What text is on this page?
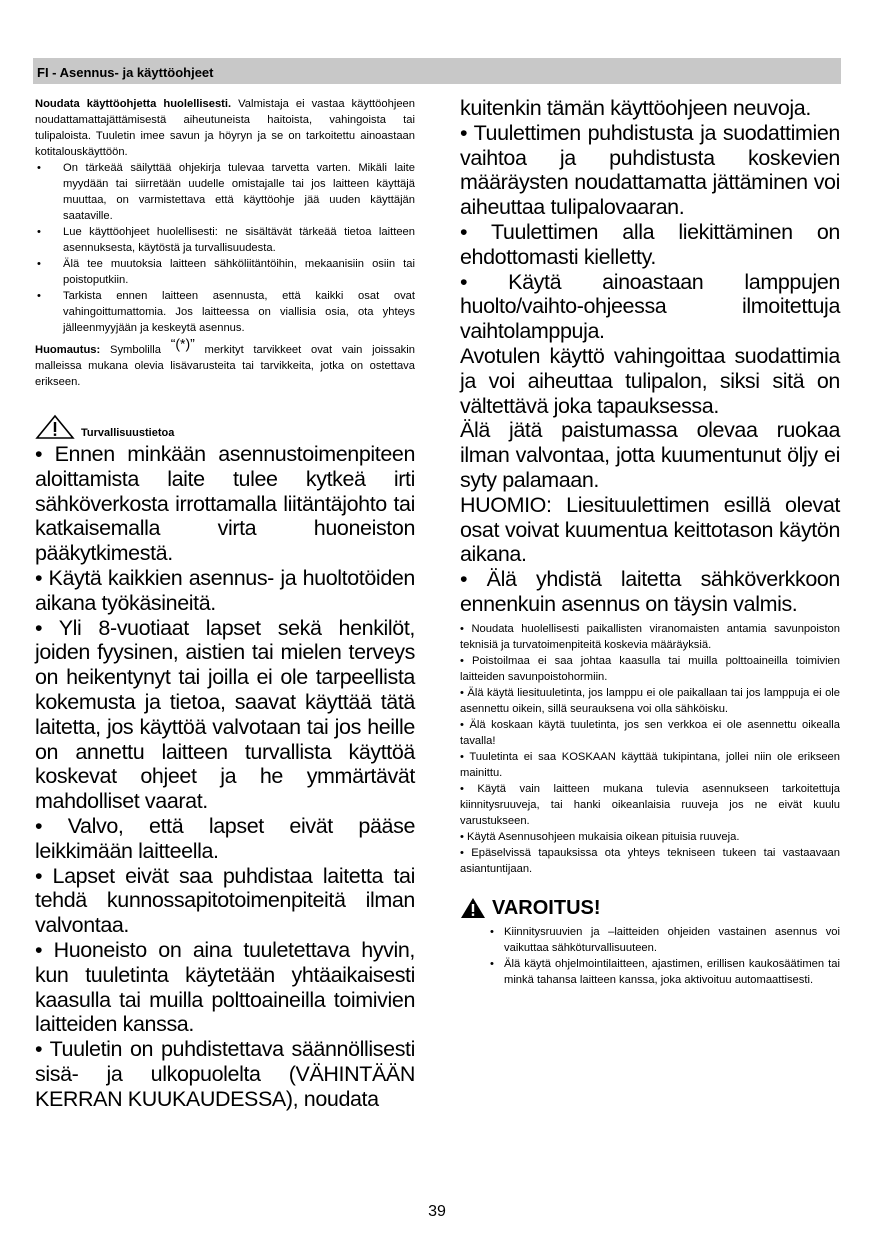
FI - Asennus- ja käyttöohjeet

Noudata käyttöohjetta huolellisesti. Valmistaja ei vastaa käyttöohjeen noudattamattajättämisestä aiheutuneista haitoista, vahingoista tai tulipaloista. Tuuletin imee savun ja höyryn ja se on tarkoitettu ainoastaan kotitalouskäyttöön.

• On tärkeää säilyttää ohjekirja tulevaa tarvetta varten. Mikäli laite myydään tai siirretään uudelle omistajalle tai jos laitteen käyttäjä muuttaa, on varmistettava että käyttöohje jää uuden käyttäjän saataville.
• Lue käyttöohjeet huolellisesti: ne sisältävät tärkeää tietoa laitteen asennuksesta, käytöstä ja turvallisuudesta.
• Älä tee muutoksia laitteen sähköliitäntöihin, mekaanisiin osiin tai poistoputkiin.
• Tarkista ennen laitteen asennusta, että kaikki osat ovat vahingoittumattomia. Jos laitteessa on viallisia osia, ota yhteys jälleenmyyjään ja keskeytä asennus.

Huomautus: Symbolilla “(*)” merkityt tarvikkeet ovat vain joissakin malleissa mukana olevia lisävarusteita tai tarvikkeita, jotka on ostettava erikseen.

Turvallisuustietoa

• Ennen minkään asennustoimenpiteen aloittamista laite tulee kytkeä irti sähköverkosta irrottamalla liitäntäjohto tai katkaisemalla virta huoneiston pääkytkimestä.

• Käytä kaikkien asennus- ja huoltotöiden aikana työkäsineitä.

• Yli 8-vuotiaat lapset sekä henkilöt, joiden fyysinen, aistien tai mielen terveys on heikentynyt tai joilla ei ole tarpeellista kokemusta ja tietoa, saavat käyttää tätä laitetta, jos käyttöä valvotaan tai jos heille on annettu laitteen turvallista käyttöä koskevat ohjeet ja he ymmärtävät mahdolliset vaarat.

• Valvo, että lapset eivät pääse leikkimään laitteella.

• Lapset eivät saa puhdistaa laitetta tai tehdä kunnossapitotoimenpiteitä ilman valvontaa.

• Huoneisto on aina tuuletettava hyvin, kun tuuletinta käytetään yhtäaikaisesti kaasulla tai muilla polttoaineilla toimivien laitteiden kanssa.

• Tuuletin on puhdistettava säännöllisesti sisä- ja ulkopuolelta (VÄHINTÄÄN KERRAN KUUKAUDESSA), noudata

kuitenkin tämän käyttöohjeen neuvoja.

• Tuulettimen puhdistusta ja suodattimien vaihtoa ja puhdistusta koskevien määräysten noudattamatta jättäminen voi aiheuttaa tulipalovaaran.

• Tuulettimen alla liekittäminen on ehdottomasti kielletty.

• Käytä ainoastaan lamppujen huolto/vaihto-ohjeessa ilmoitettuja vaihtolamppuja.

Avotulen käyttö vahingoittaa suodattimia ja voi aiheuttaa tulipalon, siksi sitä on vältettävä joka tapauksessa.

Älä jätä paistumassa olevaa ruokaa ilman valvontaa, jotta kuumentunut öljy ei syty palamaan.

HUOMIO: Liesituulettimen esillä olevat osat voivat kuumentua keittotason käytön aikana.

• Älä yhdistä laitetta sähköverkkoon ennenkuin asennus on täysin valmis.

• Noudata huolellisesti paikallisten viranomaisten antamia savunpoiston teknisiä ja turvatoimenpiteitä koskevia määräyksiä.

• Poistoilmaa ei saa johtaa kaasulla tai muilla polttoaineilla toimivien laitteiden savunpoistohormiin.

• Älä käytä liesituuletinta, jos lamppu ei ole paikallaan tai jos lamppuja ei ole asennettu oikein, sillä seurauksena voi olla sähköisku.

• Älä koskaan käytä tuuletinta, jos sen verkkoa ei ole asennettu oikealla tavalla!

• Tuuletinta ei saa KOSKAAN käyttää tukipintana, jollei niin ole erikseen mainittu.

• Käytä vain laitteen mukana tulevia asennukseen tarkoitettuja kiinnitysruuveja, tai hanki oikeanlaisia ruuveja jos ne eivät kuulu varustukseen.

• Käytä Asennusohjeen mukaisia oikean pituisia ruuveja.

• Epäselvissä tapauksissa ota yhteys tekniseen tukeen tai vastaavaan asiantuntijaan.

VAROITUS!
• Kiinnitysruuvien ja –laitteiden ohjeiden vastainen asennus voi vaikuttaa sähköturvallisuuteen.
• Älä käytä ohjelmointilaitteen, ajastimen, erillisen kaukosäätimen tai minkä tahansa laitteen kanssa, joka aktivoituu automaattisesti.
39
